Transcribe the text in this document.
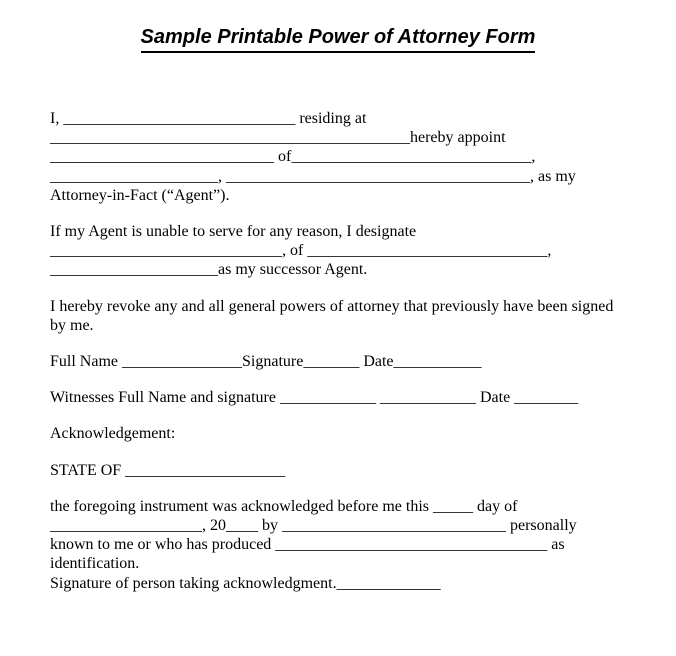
Sample Printable Power of Attorney Form
I, _____________________________ residing at
_____________________________________________hereby appoint
____________________________ of______________________________,
_____________________, ______________________________________, as my
Attorney-in-Fact (“Agent”).
If my Agent is unable to serve for any reason, I designate
_____________________________, of ______________________________,
_____________________as my successor Agent.
I hereby revoke any and all general powers of attorney that previously have been signed
by me.
Full Name _______________Signature_______ Date___________
Witnesses Full Name and signature ____________ ____________ Date ________
Acknowledgement:
STATE OF ____________________
the foregoing instrument was acknowledged before me this _____ day of
___________________, 20____ by ____________________________ personally
known to me or who has produced __________________________________ as
identification.
Signature of person taking acknowledgment._____________
